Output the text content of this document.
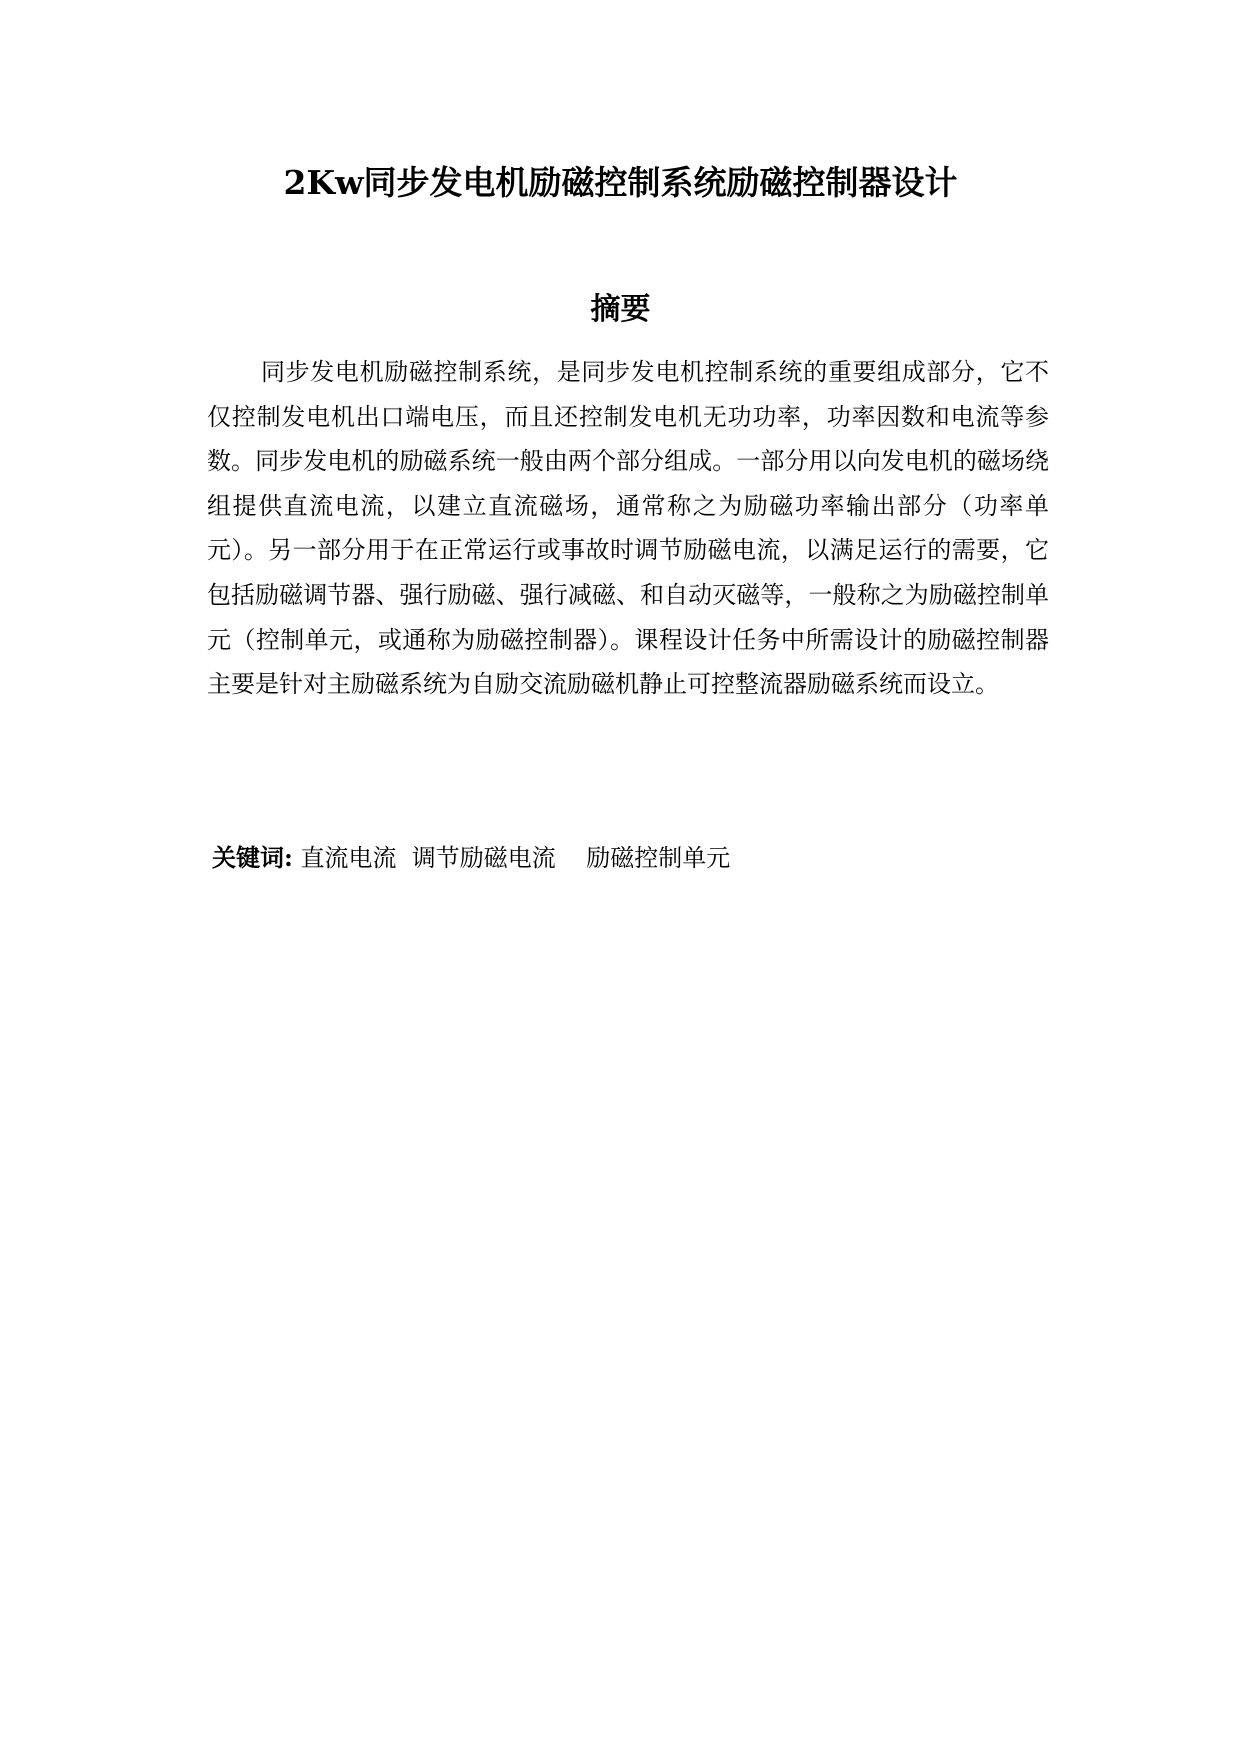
2Kw同步发电机励磁控制系统励磁控制器设计
摘要

同步发电机励磁控制系统，是同步发电机控制系统的重要组成部分，它不仅控制发电机出口端电压，而且还控制发电机无功功率，功率因数和电流等参数。同步发电机的励磁系统一般由两个部分组成。一部分用以向发电机的磁场绕组提供直流电流，以建立直流磁场，通常称之为励磁功率输出部分（功率单元）。另一部分用于在正常运行或事故时调节励磁电流，以满足运行的需要，它包括励磁调节器、强行励磁、强行减磁、和自动灭磁等，一般称之为励磁控制单元（控制单元，或通称为励磁控制器）。课程设计任务中所需设计的励磁控制器主要是针对主励磁系统为自励交流励磁机静止可控整流器励磁系统而设立。

关键词: 直流电流  调节励磁电流    励磁控制单元
